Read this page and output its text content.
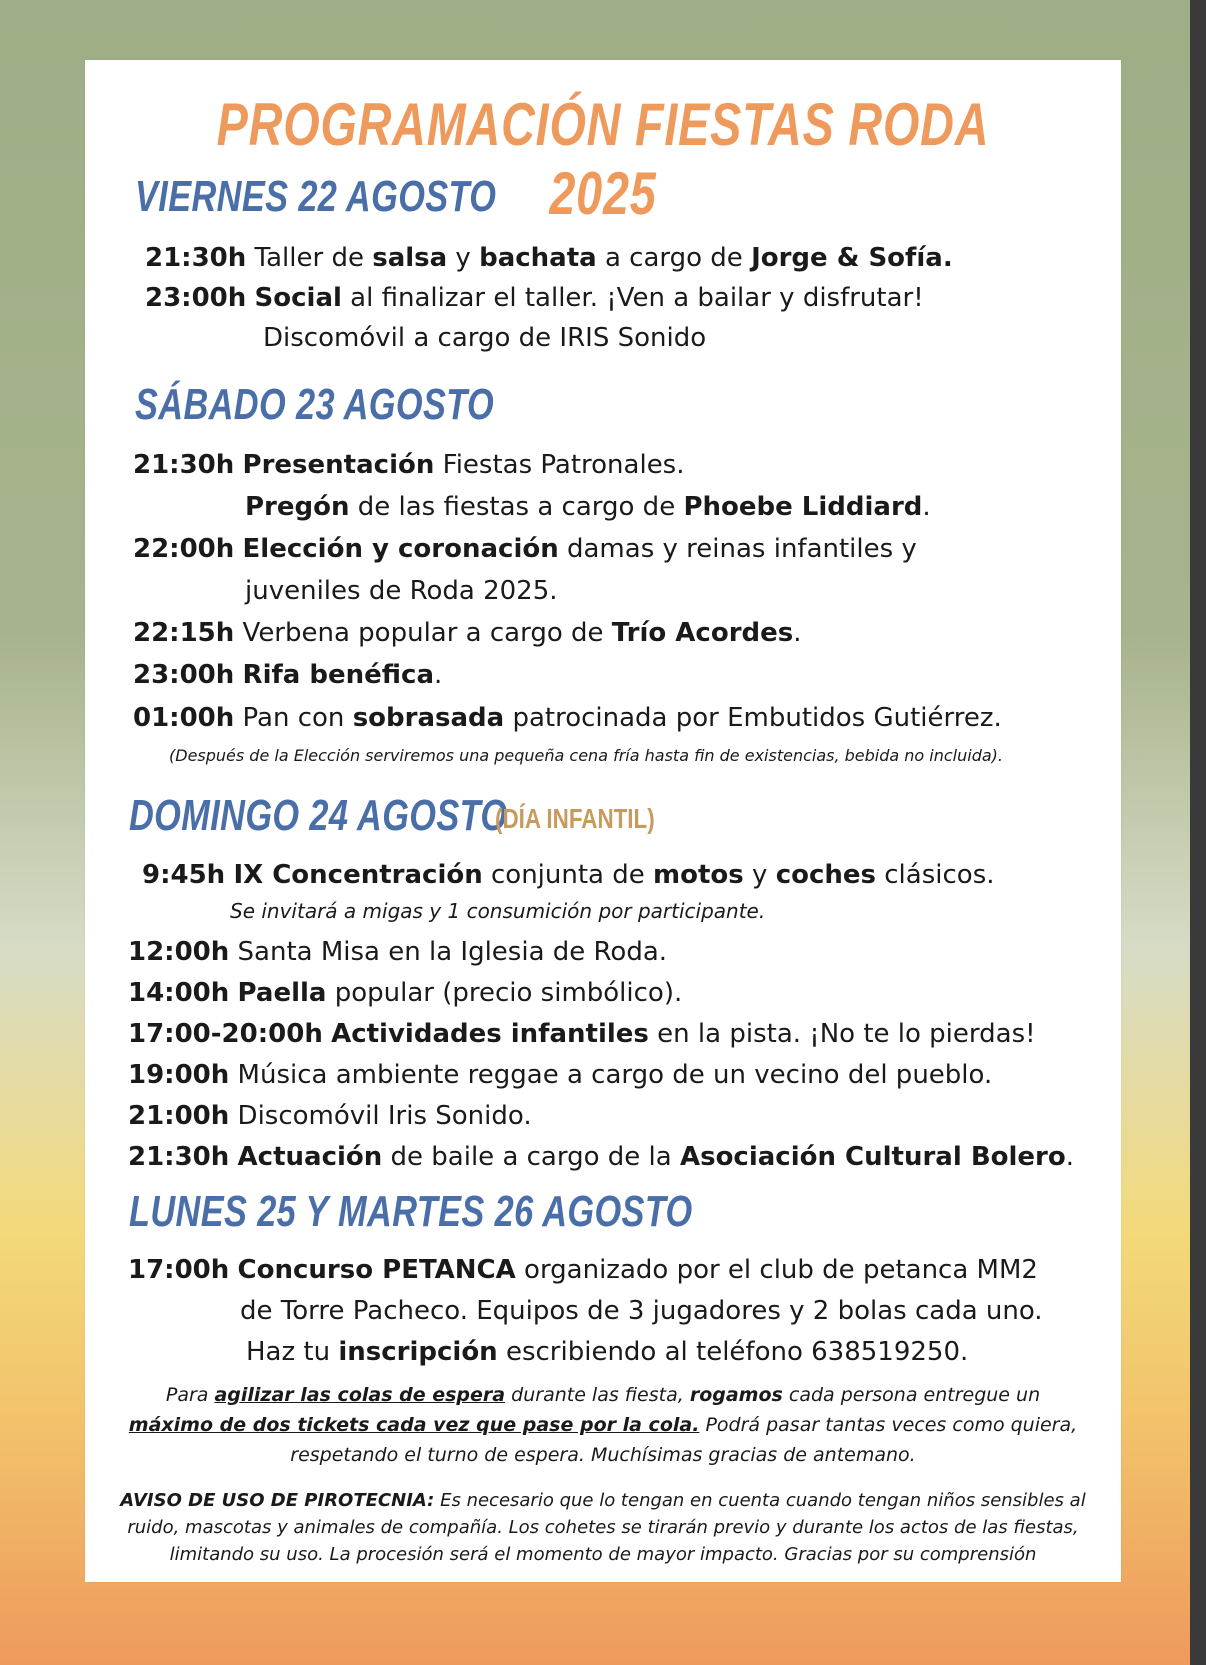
PROGRAMACIÓN FIESTAS RODA 2025
VIERNES 22 AGOSTO
21:30h Taller de salsa y bachata a cargo de Jorge & Sofía.
23:00h Social al finalizar el taller. ¡Ven a bailar y disfrutar!
Discomóvil a cargo de IRIS Sonido
SÁBADO 23 AGOSTO
21:30h Presentación Fiestas Patronales.
Pregón de las fiestas a cargo de Phoebe Liddiard.
22:00h Elección y coronación damas y reinas infantiles y
juveniles de Roda 2025.
22:15h Verbena popular a cargo de Trío Acordes.
23:00h Rifa benéfica.
01:00h Pan con sobrasada patrocinada por Embutidos Gutiérrez.
(Después de la Elección serviremos una pequeña cena fría hasta fin de existencias, bebida no incluida).
DOMINGO 24 AGOSTO
(DÍA INFANTIL)
9:45h IX Concentración conjunta de motos y coches clásicos.
Se invitará a migas y 1 consumición por participante.
12:00h Santa Misa en la Iglesia de Roda.
14:00h Paella popular (precio simbólico).
17:00-20:00h Actividades infantiles en la pista. ¡No te lo pierdas!
19:00h Música ambiente reggae a cargo de un vecino del pueblo.
21:00h Discomóvil Iris Sonido.
21:30h Actuación de baile a cargo de la Asociación Cultural Bolero.
LUNES 25 Y MARTES 26 AGOSTO
17:00h Concurso PETANCA organizado por el club de petanca MM2
de Torre Pacheco. Equipos de 3 jugadores y 2 bolas cada uno.
Haz tu inscripción escribiendo al teléfono 638519250.
Para agilizar las colas de espera durante las fiesta, rogamos cada persona entregue un
máximo de dos tickets cada vez que pase por la cola. Podrá pasar tantas veces como quiera,
respetando el turno de espera. Muchísimas gracias de antemano.
AVISO DE USO DE PIROTECNIA: Es necesario que lo tengan en cuenta cuando tengan niños sensibles al
ruido, mascotas y animales de compañía. Los cohetes se tirarán previo y durante los actos de las fiestas,
limitando su uso. La procesión será el momento de mayor impacto. Gracias por su comprensión
